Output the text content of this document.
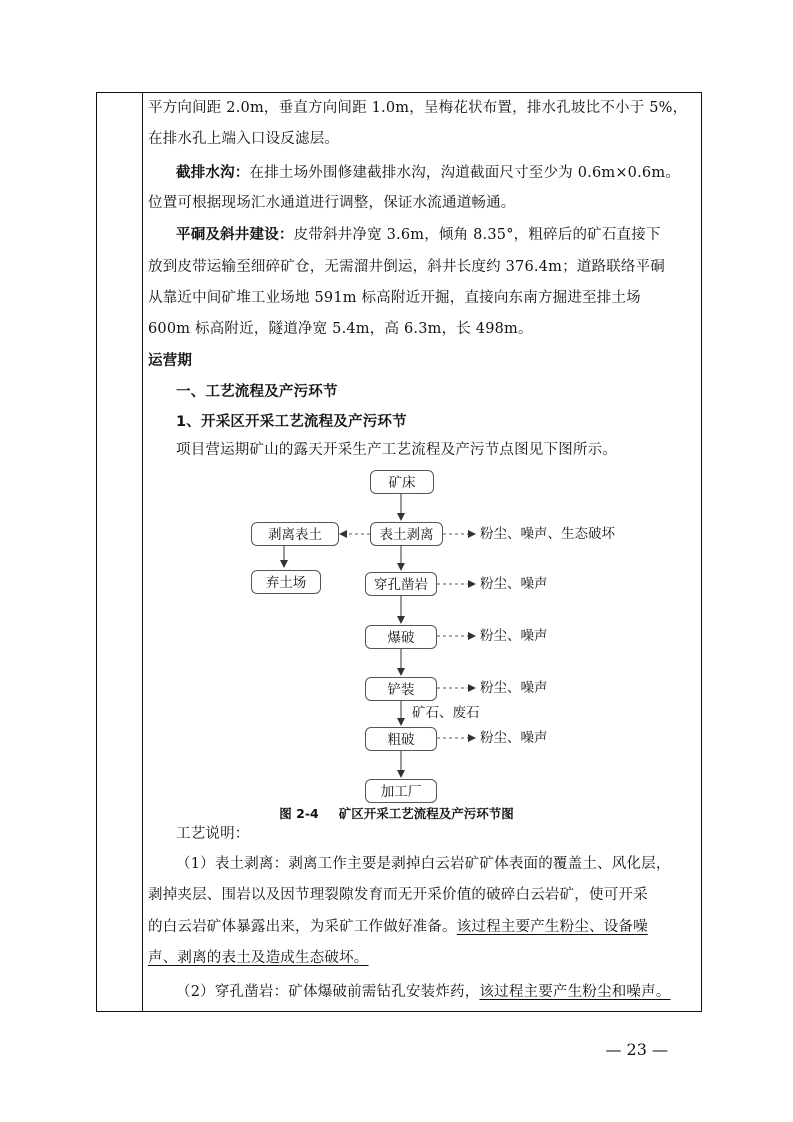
平方向间距 2.0m，垂直方向间距 1.0m，呈梅花状布置，排水孔坡比不小于 5%，
在排水孔上端入口设反滤层。
截排水沟：在排土场外围修建截排水沟，沟道截面尺寸至少为 0.6m×0.6m。
位置可根据现场汇水通道进行调整，保证水流通道畅通。
平硐及斜井建设：皮带斜井净宽 3.6m，倾角 8.35°，粗碎后的矿石直接下
放到皮带运输至细碎矿仓，无需溜井倒运，斜井长度约 376.4m；道路联络平硐
从靠近中间矿堆工业场地 591m 标高附近开掘，直接向东南方掘进至排土场
600m 标高附近，隧道净宽 5.4m，高 6.3m，长 498m。
运营期
一、工艺流程及产污环节
1、开采区开采工艺流程及产污环节
项目营运期矿山的露天开采生产工艺流程及产污节点图见下图所示。
矿床
表土剥离
剥离表土
弃土场	穿孔凿岩
爆破
铲装
粗破
加工厂
粉尘、噪声、生态破坏
粉尘、噪声
粉尘、噪声
粉尘、噪声
粉尘、噪声
矿石、废石
图 2-4 矿区开采工艺流程及产污环节图
工艺说明：
（1）表土剥离：剥离工作主要是剥掉白云岩矿矿体表面的覆盖土、风化层，
剥掉夹层、围岩以及因节理裂隙发育而无开采价值的破碎白云岩矿，使可开采
的白云岩矿体暴露出来，为采矿工作做好准备。该过程主要产生粉尘、设备噪
声、剥离的表土及造成生态破坏。
（2）穿孔凿岩：矿体爆破前需钻孔安装炸药，该过程主要产生粉尘和噪声。
— 23 —
